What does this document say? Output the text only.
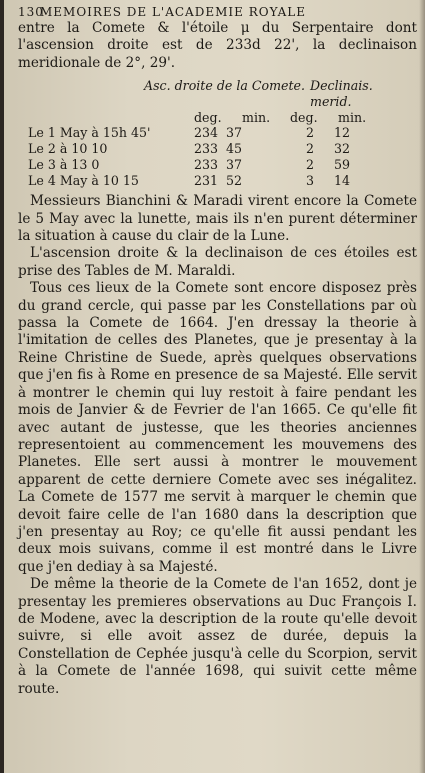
130
MEMOIRES DE L'ACADEMIE ROYALE

entre la Comete & l'étoile μ du Serpentaire dont l'ascension droite est de 233d 22', la declinaison meridionale de 2°, 29'.

Asc. droite de la Comete. Declinais. merid.
deg.	min.	deg.	min.
Le 1 May à 15h 45'	234 37	2	12
Le 2 à 10 10	233 45	2	32
Le 3 à 13 0	233 37	2	59
Le 4 May à 10 15	231 52	3	14

Messieurs Bianchini & Maradi virent encore la Comete le 5 May avec la lunette, mais ils n'en purent déterminer la situation à cause du clair de la Lune.

L'ascension droite & la declinaison de ces étoiles est prise des Tables de M. Maraldi.

Tous ces lieux de la Comete sont encore disposez près du grand cercle, qui passe par les Constellations par où passa la Comete de 1664. J'en dressay la theorie à l'imitation de celles des Planetes, que je presentay à la Reine Christine de Suede, après quelques observations que j'en fis à Rome en presence de sa Majesté. Elle servit à montrer le chemin qui luy restoit à faire pendant les mois de Janvier & de Fevrier de l'an 1665. Ce qu'elle fit avec autant de justesse, que les theories anciennes representoient au commencement les mouvemens des Planetes. Elle sert aussi à montrer le mouvement apparent de cette derniere Comete avec ses inégalitez. La Comete de 1577 me servit à marquer le chemin que devoit faire celle de l'an 1680 dans la description que j'en presentay au Roy; ce qu'elle fit aussi pendant les deux mois suivans, comme il est montré dans le Livre que j'en dediay à sa Majesté.

De même la theorie de la Comete de l'an 1652, dont je presentay les premieres observations au Duc François I. de Modene, avec la description de la route qu'elle devoit suivre, si elle avoit assez de durée, depuis la Constellation de Cephée jusqu'à celle du Scorpion, servit à la Comete de l'année 1698, qui suivit cette même route.
